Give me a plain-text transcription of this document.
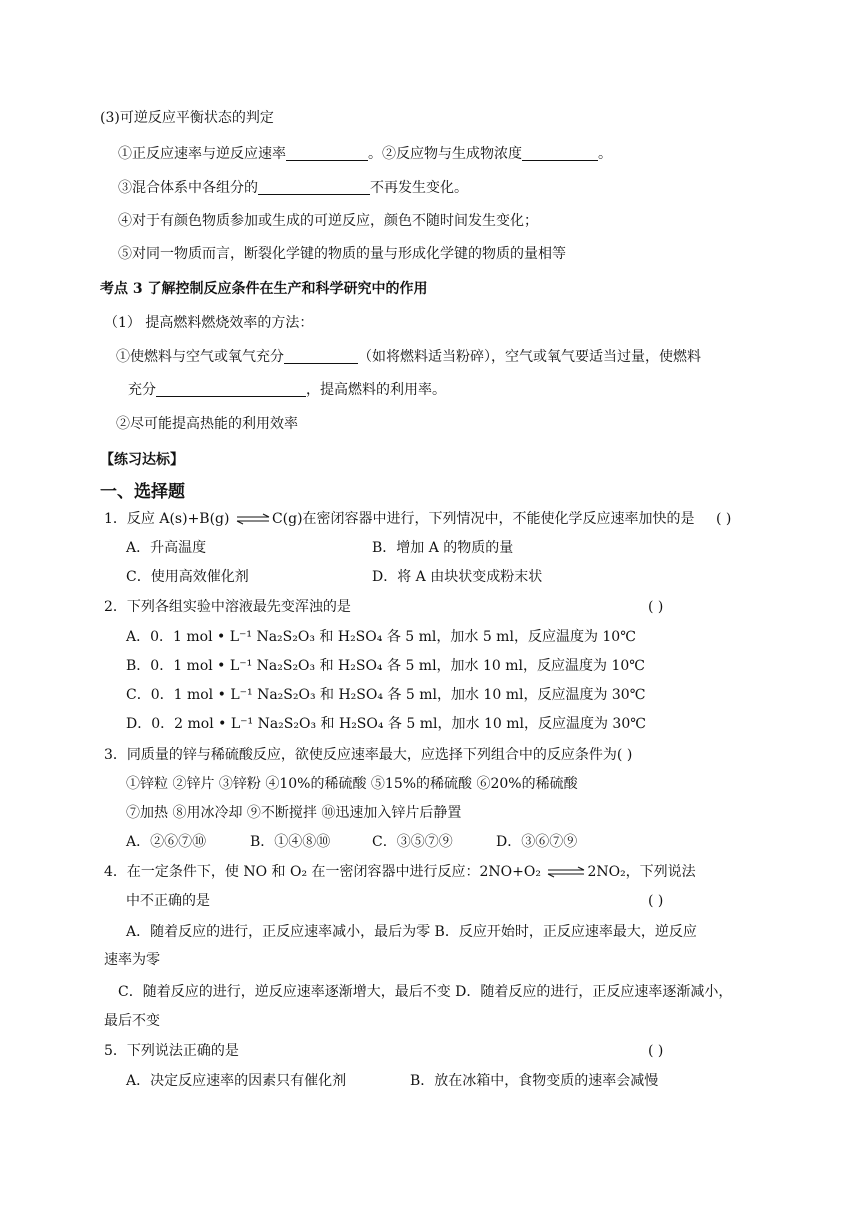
(3)可逆反应平衡状态的判定
①正反应速率与逆反应速率	。②反应物与生成物浓度	。
③混合体系中各组分的	不再发生变化。
④对于有颜色物质参加或生成的可逆反应，颜色不随时间发生变化；
⑤对同一物质而言，断裂化学键的物质的量与形成化学键的物质的量相等
考点 3 了解控制反应条件在生产和科学研究中的作用
（1） 提高燃料燃烧效率的方法：
①使燃料与空气或氧气充分	（如将燃料适当粉碎），空气或氧气要适当过量，使燃料
充分	，提高燃料的利用率。
②尽可能提高热能的利用效率
【练习达标】
一、选择题
1．反应 A(s)+B(g) ⇌ C(g)在密闭容器中进行，下列情况中，不能使化学反应速率加快的是 ( )
A．升高温度	B．增加 A 的物质的量
C．使用高效催化剂	D．将 A 由块状变成粉末状
2．下列各组实验中溶液最先变浑浊的是	( )
A．0．1 mol • L⁻¹ Na₂S₂O₃ 和 H₂SO₄ 各 5 ml，加水 5 ml，反应温度为 10℃
B．0．1 mol • L⁻¹ Na₂S₂O₃ 和 H₂SO₄ 各 5 ml，加水 10 ml，反应温度为 10℃
C．0．1 mol • L⁻¹ Na₂S₂O₃ 和 H₂SO₄ 各 5 ml，加水 10 ml，反应温度为 30℃
D．0．2 mol • L⁻¹ Na₂S₂O₃ 和 H₂SO₄ 各 5 ml，加水 10 ml，反应温度为 30℃
3．同质量的锌与稀硫酸反应，欲使反应速率最大，应选择下列组合中的反应条件为( )
①锌粒 ②锌片 ③锌粉 ④10%的稀硫酸 ⑤15%的稀硫酸 ⑥20%的稀硫酸
⑦加热 ⑧用冰冷却 ⑨不断搅拌 ⑩迅速加入锌片后静置
A．②⑥⑦⑩	B．①④⑧⑩	C．③⑤⑦⑨	D．③⑥⑦⑨
4．在一定条件下，使 NO 和 O₂ 在一密闭容器中进行反应：2NO+O₂ ⇌ 2NO₂，下列说法
中不正确的是	( )
A．随着反应的进行，正反应速率减小，最后为零 B．反应开始时，正反应速率最大，逆反应
速率为零
C．随着反应的进行，逆反应速率逐渐增大，最后不变 D．随着反应的进行，正反应速率逐渐减小，
最后不变
5．下列说法正确的是	( )
A．决定反应速率的因素只有催化剂	B．放在冰箱中，食物变质的速率会减慢
